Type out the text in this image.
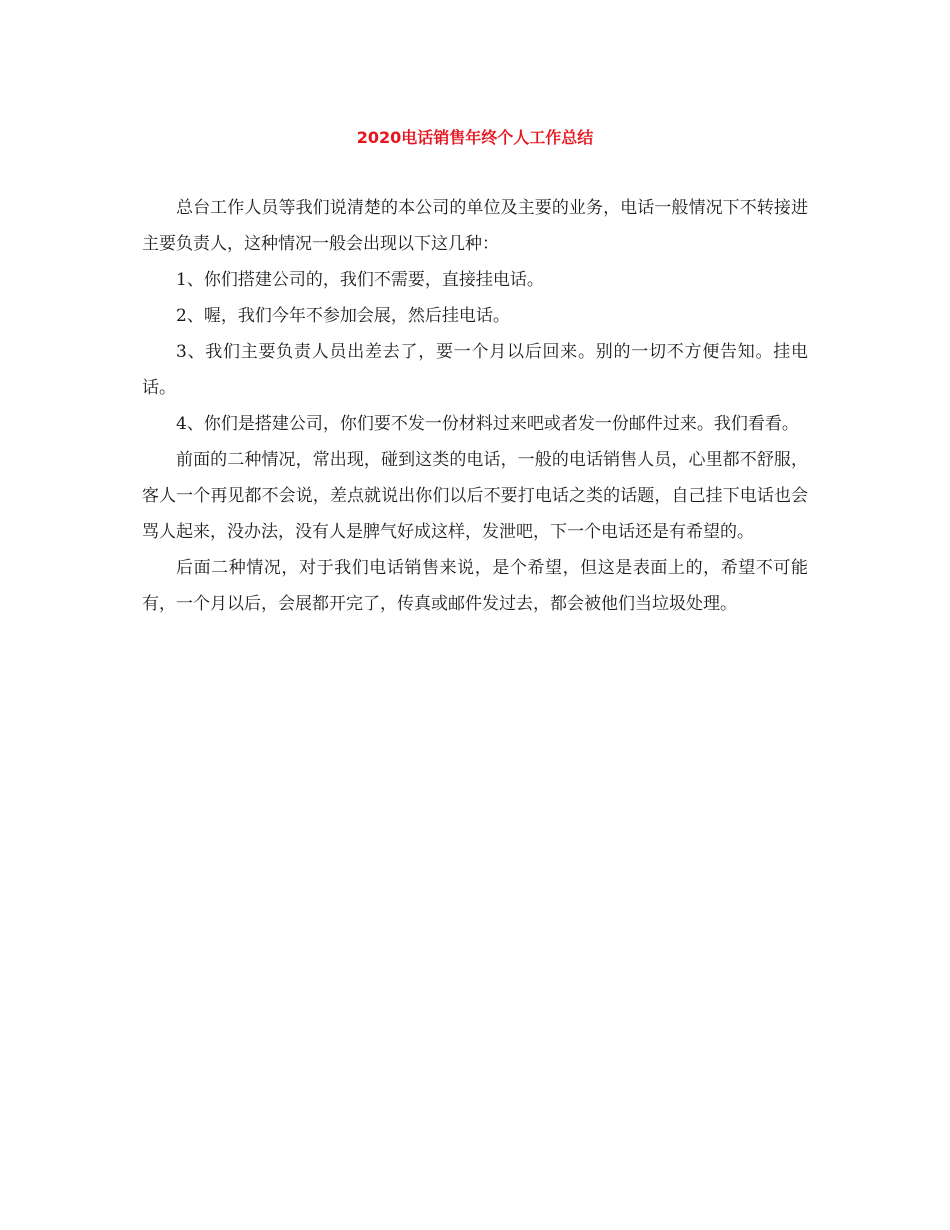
2020电话销售年终个人工作总结

总台工作人员等我们说清楚的本公司的单位及主要的业务，电话一般情况下不转接进主要负责人，这种情况一般会出现以下这几种：

1、你们搭建公司的，我们不需要，直接挂电话。

2、喔，我们今年不参加会展，然后挂电话。

3、我们主要负责人员出差去了，要一个月以后回来。别的一切不方便告知。挂电话。

4、你们是搭建公司，你们要不发一份材料过来吧或者发一份邮件过来。我们看看。

前面的二种情况，常出现，碰到这类的电话，一般的电话销售人员，心里都不舒服，客人一个再见都不会说，差点就说出你们以后不要打电话之类的话题，自己挂下电话也会骂人起来，没办法，没有人是脾气好成这样，发泄吧，下一个电话还是有希望的。

后面二种情况，对于我们电话销售来说，是个希望，但这是表面上的，希望不可能有，一个月以后，会展都开完了，传真或邮件发过去，都会被他们当垃圾处理。
